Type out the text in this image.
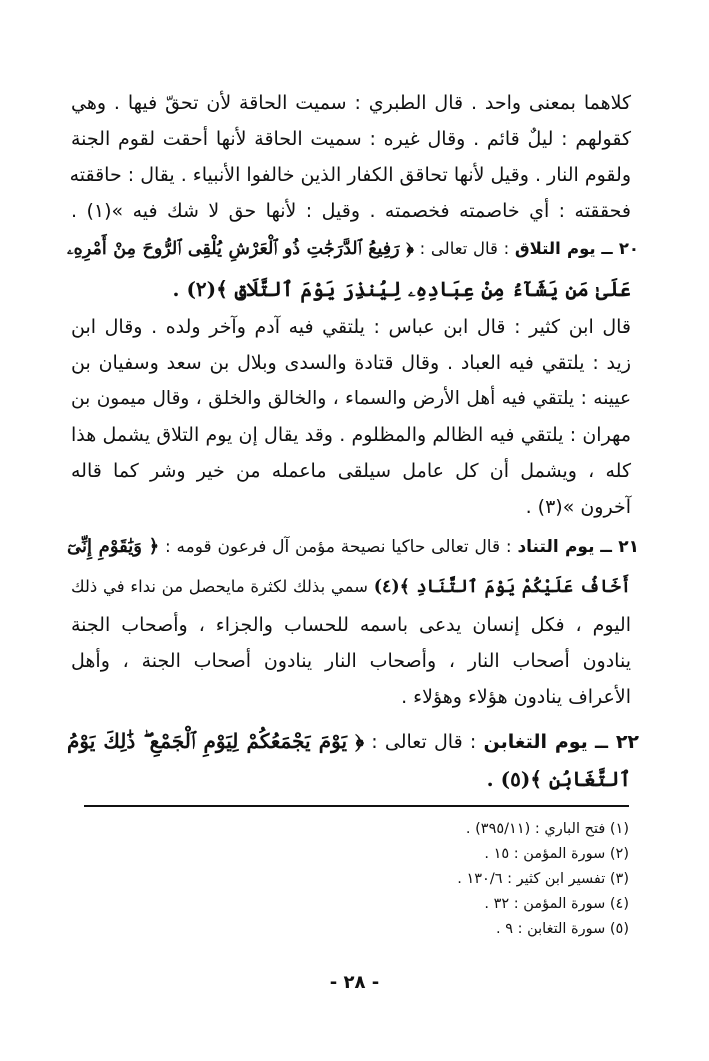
كلاهما بمعنى واحد . قال الطبري : سميت الحاقة لأن تحقّ فيها . وهي
كقولهم : ليلٌ قائم . وقال غيره : سميت الحاقة لأنها أحقت لقوم الجنة
ولقوم النار . وقيل لأنها تحاقق الكفار الذين خالفوا الأنبياء . يقال : حاققته
فحققته : أي خاصمته فخصمته . وقيل : لأنها حق لا شك فيه »(١) .
٢٠ ــ يوم التلاق : قال تعالى : ﴿ رَفِيعُ ٱلدَّرَجَٰتِ ذُو ٱلْعَرْشِ يُلْقِى ٱلرُّوحَ مِنْ أَمْرِهِۦ
عَلَىٰ مَن يَشَآءُ مِنْ عِبَادِهِۦ لِيُنذِرَ يَوْمَ ٱلتَّلَاقِ ﴾(٢) .
قال ابن كثير : قال ابن عباس : يلتقي فيه آدم وآخر ولده . وقال ابن
زيد : يلتقي فيه العباد . وقال قتادة والسدى وبلال بن سعد وسفيان بن
عيينه : يلتقي فيه أهل الأرض والسماء ، والخالق والخلق ، وقال ميمون بن
مهران : يلتقي فيه الظالم والمظلوم . وقد يقال إن يوم التلاق يشمل هذا
كله ، ويشمل أن كل عامل سيلقى ماعمله من خير وشر كما قاله
آخرون »(٣) .
٢١ ــ يوم التناد : قال تعالى حاكيا نصيحة مؤمن آل فرعون قومه : ﴿ وَيَٰقَوْمِ إِنِّىٓ
أَخَافُ عَلَيْكُمْ يَوْمَ ٱلتَّنَادِ ﴾(٤) سمي بذلك لكثرة مايحصل من نداء في ذلك
اليوم ، فكل إنسان يدعى باسمه للحساب والجزاء ، وأصحاب الجنة
ينادون أصحاب النار ، وأصحاب النار ينادون أصحاب الجنة ، وأهل
الأعراف ينادون هؤلاء وهؤلاء .
٢٢ ــ يوم التغابن : قال تعالى : ﴿ يَوْمَ يَجْمَعُكُمْ لِيَوْمِ ٱلْجَمْعِ ۖ ذَٰلِكَ يَوْمُ
ٱلتَّغَابُنِ ﴾(٥) .
(١) فتح الباري : (٣٩٥/١١) .
(٢) سورة المؤمن : ١٥ .
(٣) تفسير ابن كثير : ١٣٠/٦ .
(٤) سورة المؤمن : ٣٢ .
(٥) سورة التغابن : ٩ .
- ٢٨ -
